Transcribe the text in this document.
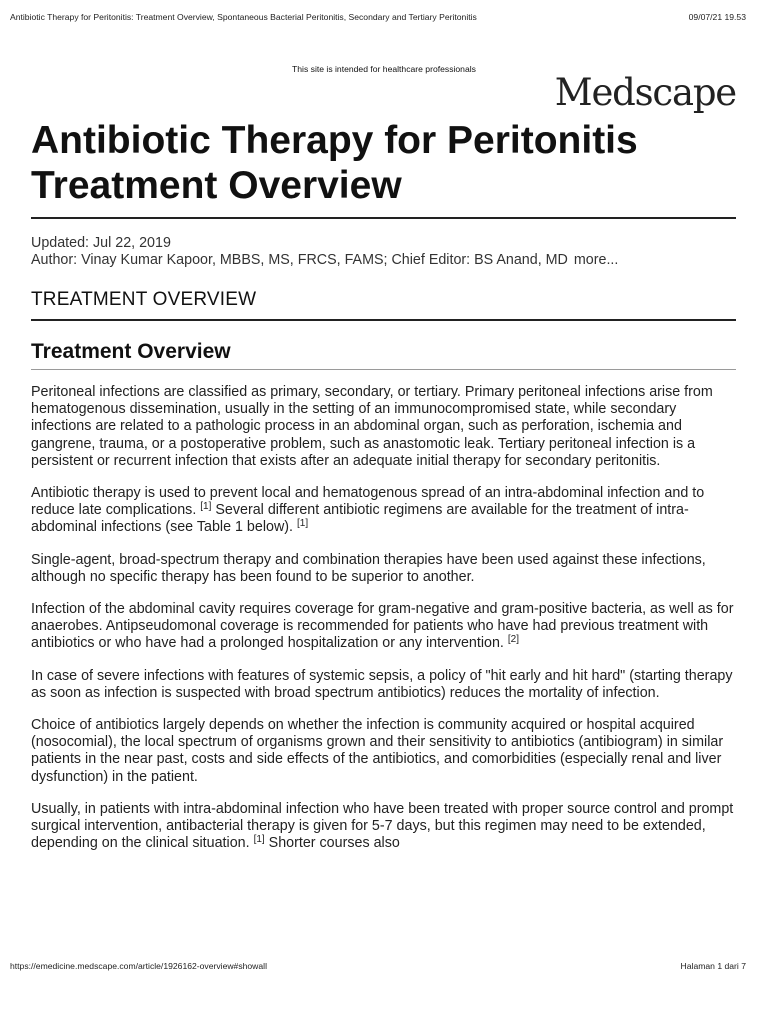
Antibiotic Therapy for Peritonitis: Treatment Overview, Spontaneous Bacterial Peritonitis, Secondary and Tertiary Peritonitis	09/07/21 19.53
This site is intended for healthcare professionals
Medscape
Antibiotic Therapy for Peritonitis Treatment Overview
Updated: Jul 22, 2019
Author: Vinay Kumar Kapoor, MBBS, MS, FRCS, FAMS; Chief Editor: BS Anand, MD more...
TREATMENT OVERVIEW
Treatment Overview

Peritoneal infections are classified as primary, secondary, or tertiary. Primary peritoneal infections arise from hematogenous dissemination, usually in the setting of an immunocompromised state, while secondary infections are related to a pathologic process in an abdominal organ, such as perforation, ischemia and gangrene, trauma, or a postoperative problem, such as anastomotic leak. Tertiary peritoneal infection is a persistent or recurrent infection that exists after an adequate initial therapy for secondary peritonitis.

Antibiotic therapy is used to prevent local and hematogenous spread of an intra-abdominal infection and to reduce late complications. [1] Several different antibiotic regimens are available for the treatment of intra-abdominal infections (see Table 1 below). [1]

Single-agent, broad-spectrum therapy and combination therapies have been used against these infections, although no specific therapy has been found to be superior to another.

Infection of the abdominal cavity requires coverage for gram-negative and gram-positive bacteria, as well as for anaerobes. Antipseudomonal coverage is recommended for patients who have had previous treatment with antibiotics or who have had a prolonged hospitalization or any intervention. [2]

In case of severe infections with features of systemic sepsis, a policy of "hit early and hit hard" (starting therapy as soon as infection is suspected with broad spectrum antibiotics) reduces the mortality of infection.

Choice of antibiotics largely depends on whether the infection is community acquired or hospital acquired (nosocomial), the local spectrum of organisms grown and their sensitivity to antibiotics (antibiogram) in similar patients in the near past, costs and side effects of the antibiotics, and comorbidities (especially renal and liver dysfunction) in the patient.

Usually, in patients with intra-abdominal infection who have been treated with proper source control and prompt surgical intervention, antibacterial therapy is given for 5-7 days, but this regimen may need to be extended, depending on the clinical situation. [1] Shorter courses also

https://emedicine.medscape.com/article/1926162-overview#showall	Halaman 1 dari 7
